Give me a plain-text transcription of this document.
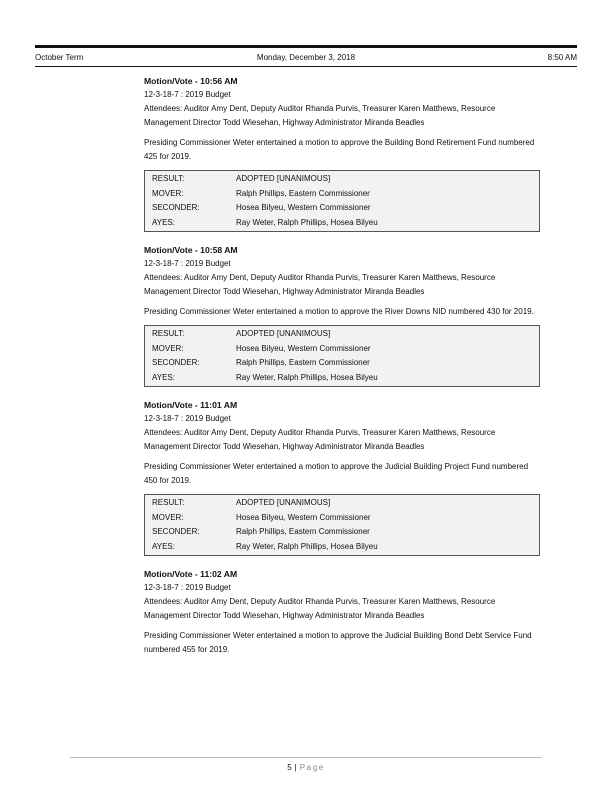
October Term	Monday, December 3, 2018	8:50 AM
Motion/Vote - 10:56 AM
12-3-18-7 : 2019 Budget
Attendees: Auditor Amy Dent, Deputy Auditor Rhanda Purvis, Treasurer Karen Matthews, Resource Management Director Todd Wiesehan, Highway Administrator Miranda Beadles
Presiding Commissioner Weter entertained a motion to approve the Building Bond Retirement Fund numbered 425 for 2019.
RESULT:	ADOPTED [UNANIMOUS]
MOVER:	Ralph Phillips, Eastern Commissioner
SECONDER:	Hosea Bilyeu, Western Commissioner
AYES:	Ray Weter, Ralph Phillips, Hosea Bilyeu
Motion/Vote - 10:58 AM
12-3-18-7 : 2019 Budget
Attendees: Auditor Amy Dent, Deputy Auditor Rhanda Purvis, Treasurer Karen Matthews, Resource Management Director Todd Wiesehan, Highway Administrator Miranda Beadles
Presiding Commissioner Weter entertained a motion to approve the River Downs NID numbered 430 for 2019.
RESULT:	ADOPTED [UNANIMOUS]
MOVER:	Hosea Bilyeu, Western Commissioner
SECONDER:	Ralph Phillips, Eastern Commissioner
AYES:	Ray Weter, Ralph Phillips, Hosea Bilyeu
Motion/Vote - 11:01 AM
12-3-18-7 : 2019 Budget
Attendees: Auditor Amy Dent, Deputy Auditor Rhanda Purvis, Treasurer Karen Matthews, Resource Management Director Todd Wiesehan, Highway Administrator Miranda Beadles
Presiding Commissioner Weter entertained a motion to approve the Judicial Building Project Fund numbered 450 for 2019.
RESULT:	ADOPTED [UNANIMOUS]
MOVER:	Hosea Bilyeu, Western Commissioner
SECONDER:	Ralph Phillips, Eastern Commissioner
AYES:	Ray Weter, Ralph Phillips, Hosea Bilyeu
Motion/Vote - 11:02 AM
12-3-18-7 : 2019 Budget
Attendees: Auditor Amy Dent, Deputy Auditor Rhanda Purvis, Treasurer Karen Matthews, Resource Management Director Todd Wiesehan, Highway Administrator Miranda Beadles
Presiding Commissioner Weter entertained a motion to approve the Judicial Building Bond Debt Service Fund numbered 455 for 2019.
5 | Page
